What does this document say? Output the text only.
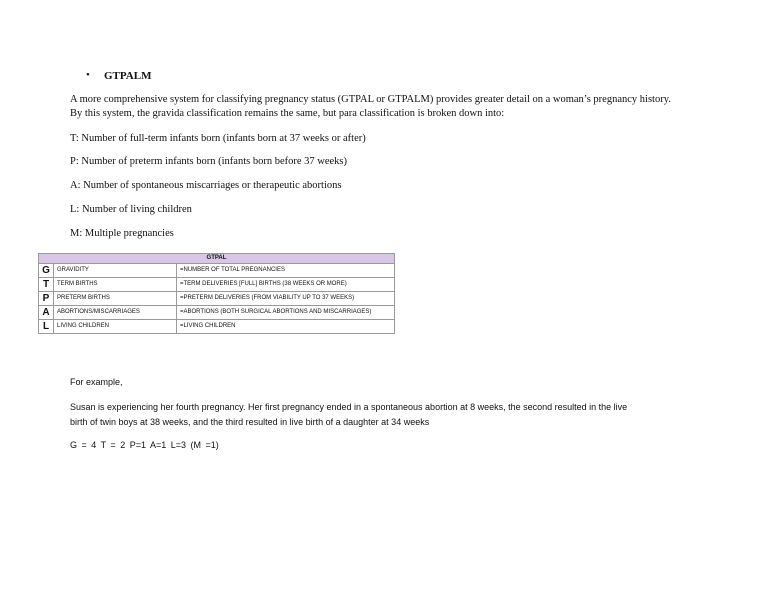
• GTPALM
A more comprehensive system for classifying pregnancy status (GTPAL or GTPALM) provides greater detail on a woman’s pregnancy history.
By this system, the gravida classification remains the same, but para classification is broken down into:
T: Number of full-term infants born (infants born at 37 weeks or after)
P: Number of preterm infants born (infants born before 37 weeks)
A: Number of spontaneous miscarriages or therapeutic abortions
L: Number of living children
M: Multiple pregnancies
GTPAL		
G	GRAVIDITY	=NUMBER OF TOTAL PREGNANCIES
T	TERM BIRTHS	=TERM DELIVERIES [FULL] BIRTHS (38 WEEKS OR MORE)
P	PRETERM BIRTHS	=PRETERM DELIVERIES (FROM VIABILITY UP TO 37 WEEKS)
A	ABORTIONS/MISCARRIAGES	=ABORTIONS (BOTH SURGICAL ABORTIONS AND MISCARRIAGES)
L	LIVING CHILDREN	=LIVING CHILDREN
For example,
Susan is experiencing her fourth pregnancy. Her first pregnancy ended in a spontaneous abortion at 8 weeks, the second resulted in the live
birth of twin boys at 38 weeks, and the third resulted in live birth of a daughter at 34 weeks
G = 4 T = 2 P=1 A=1 L=3 (M =1)
